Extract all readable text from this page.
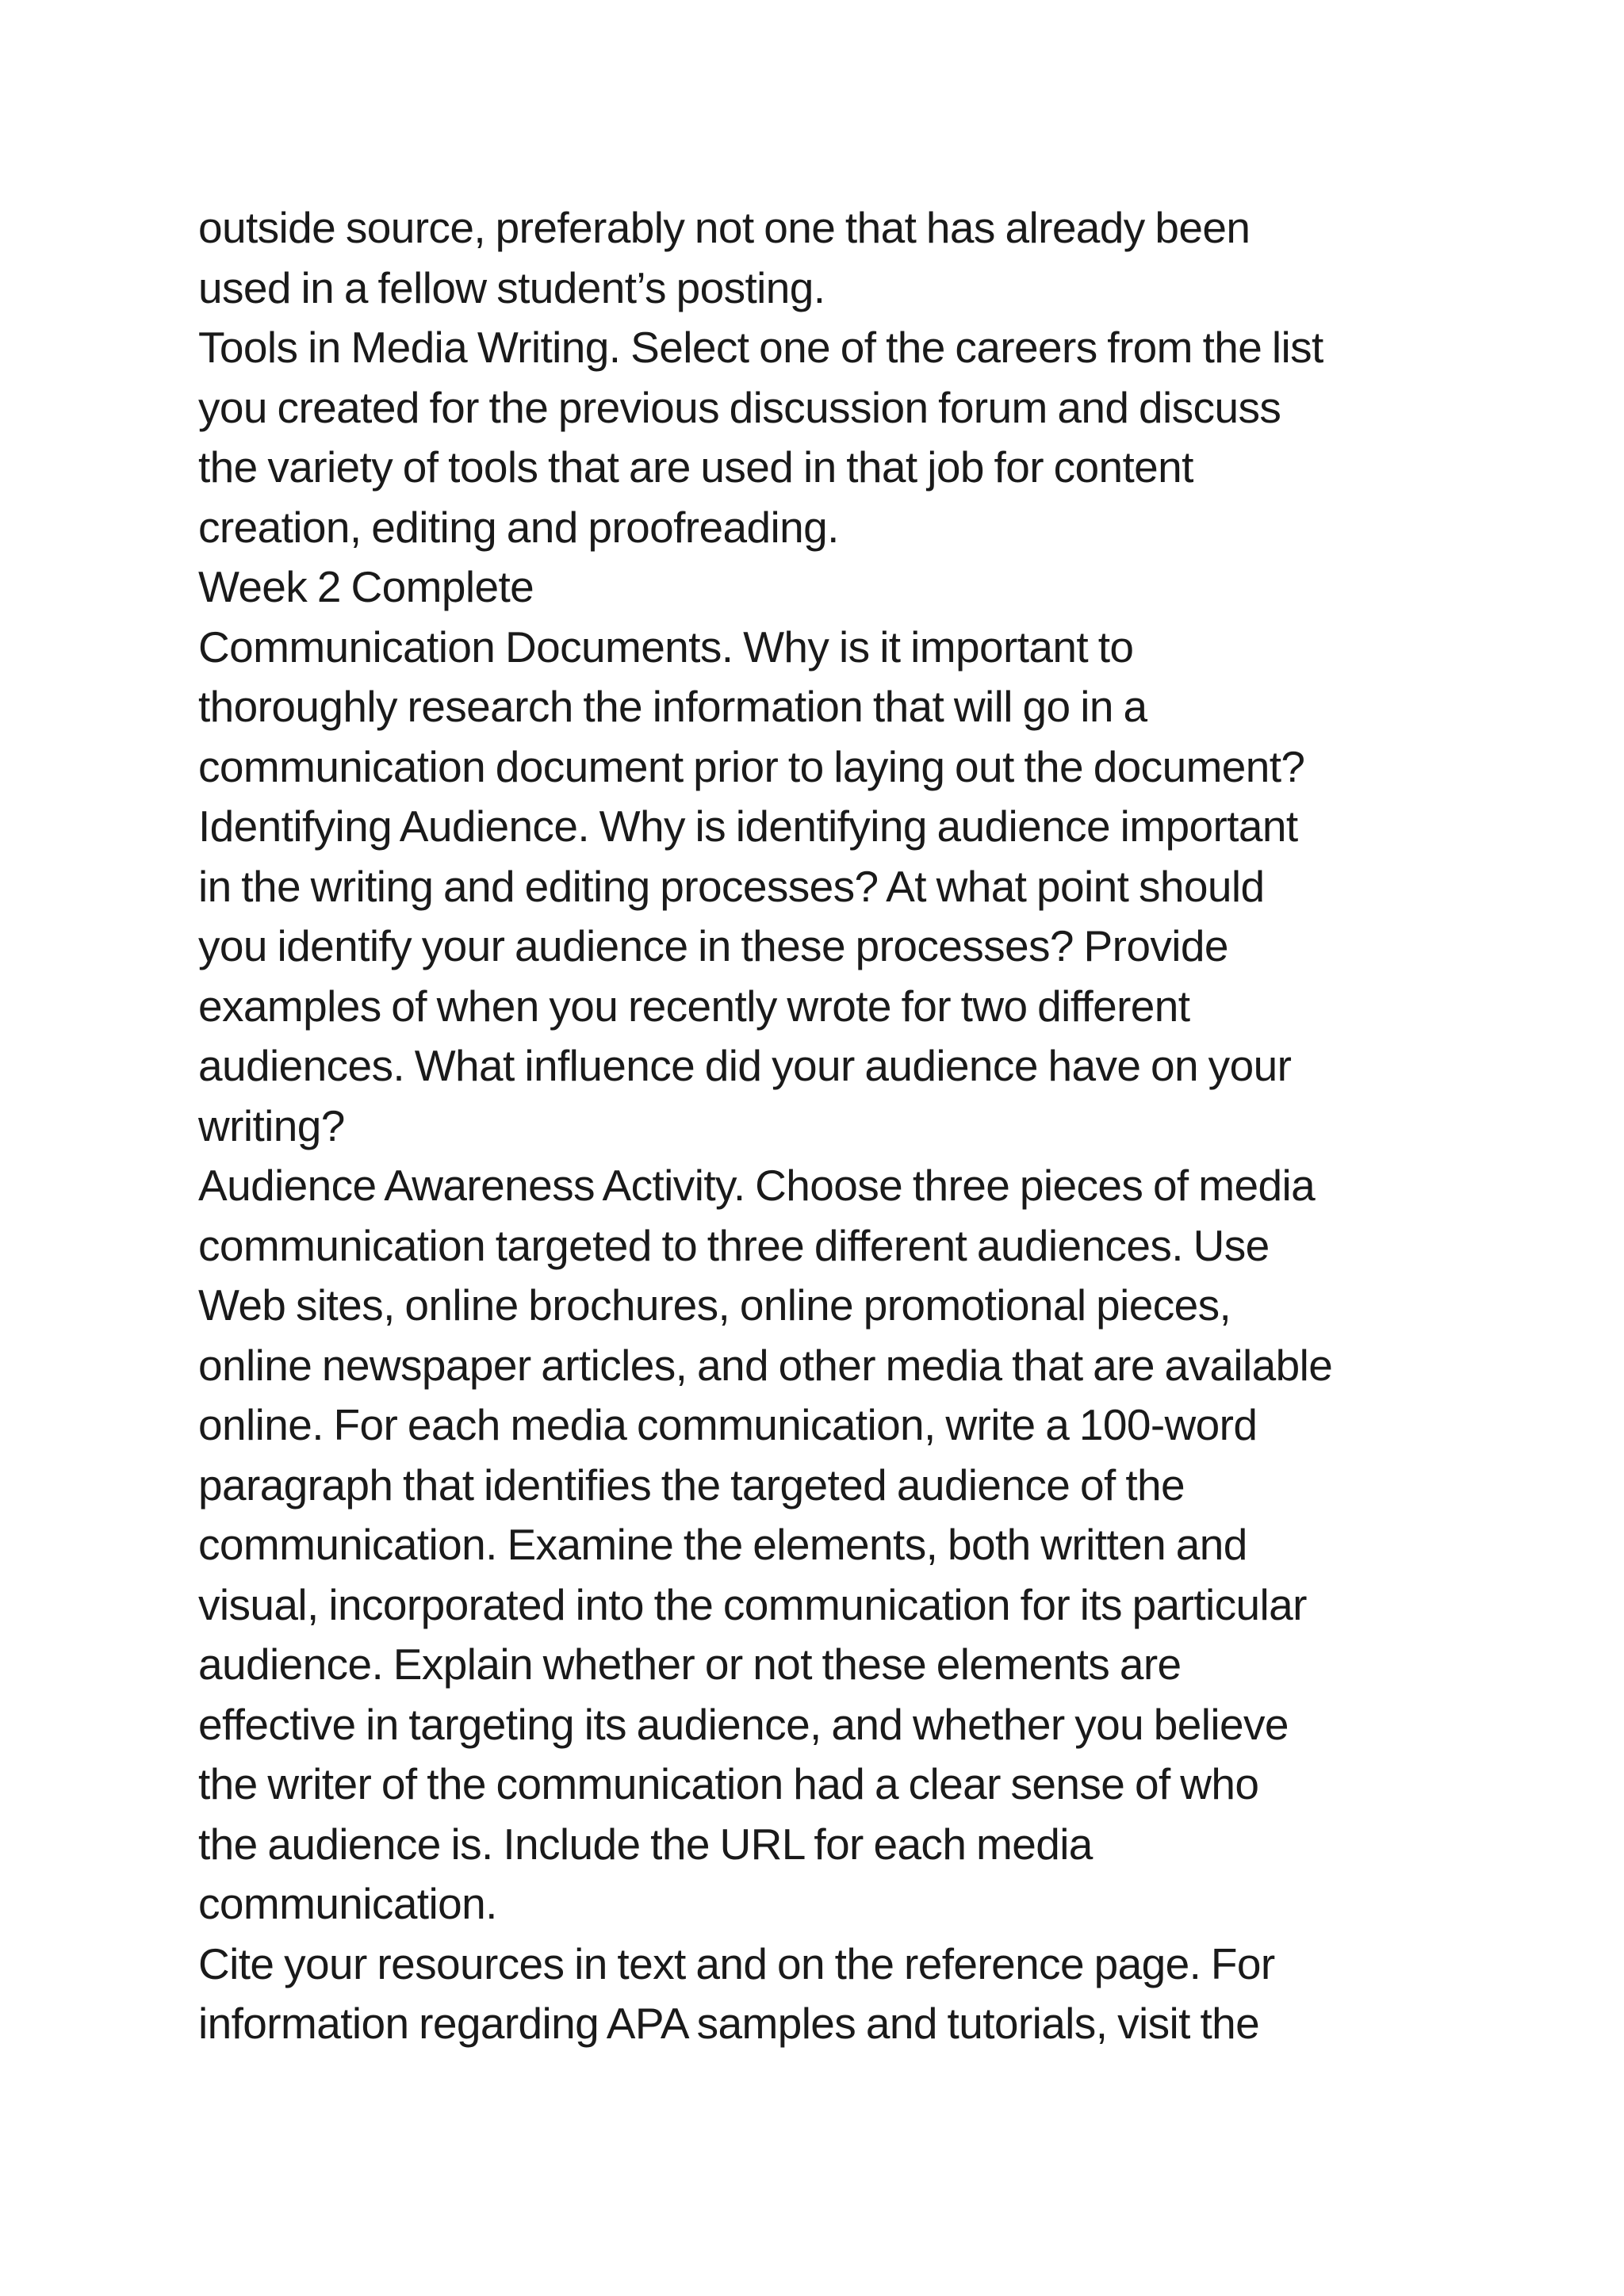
outside source, preferably not one that has already been
used in a fellow student’s posting.
Tools in Media Writing. Select one of the careers from the list
you created for the previous discussion forum and discuss
the variety of tools that are used in that job for content
creation, editing and proofreading.
Week 2 Complete
Communication Documents. Why is it important to
thoroughly research the information that will go in a
communication document prior to laying out the document?
Identifying Audience. Why is identifying audience important
in the writing and editing processes? At what point should
you identify your audience in these processes? Provide
examples of when you recently wrote for two different
audiences. What influence did your audience have on your
writing?
Audience Awareness Activity. Choose three pieces of media
communication targeted to three different audiences. Use
Web sites, online brochures, online promotional pieces,
online newspaper articles, and other media that are available
online. For each media communication, write a 100-word
paragraph that identifies the targeted audience of the
communication. Examine the elements, both written and
visual, incorporated into the communication for its particular
audience. Explain whether or not these elements are
effective in targeting its audience, and whether you believe
the writer of the communication had a clear sense of who
the audience is. Include the URL for each media
communication.
Cite your resources in text and on the reference page. For
information regarding APA samples and tutorials, visit the
